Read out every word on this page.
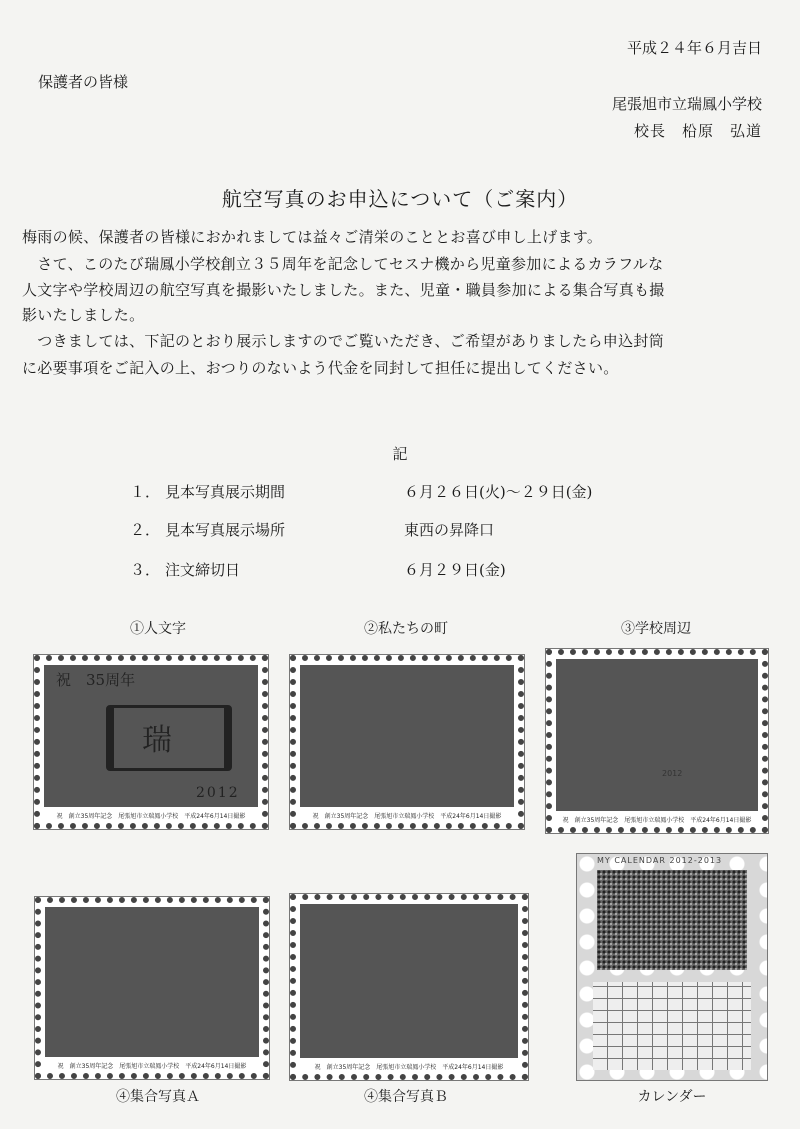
平成２４年６月吉日
保護者の皆様
尾張旭市立瑞鳳小学校
校長　柗原　弘道
航空写真のお申込について（ご案内）
梅雨の候、保護者の皆様におかれましては益々ご清栄のこととお喜び申し上げます。
　さて、このたび瑞鳳小学校創立３５周年を記念してセスナ機から児童参加によるカラフルな
人文字や学校周辺の航空写真を撮影いたしました。また、児童・職員参加による集合写真も撮
影いたしました。
　つきましては、下記のとおり展示しますのでご覧いただき、ご希望がありましたら申込封筒
に必要事項をご記入の上、おつりのないよう代金を同封して担任に提出してください。
記
１． 見本写真展示期間	６月２６日(火)～２９日(金)
２． 見本写真展示場所	東西の昇降口
３． 注文締切日	６月２９日(金)
①人文字	②私たちの町	③学校周辺
祝　35周年
瑞
2012
祝　創立35周年記念　尾張旭市立瑞鳳小学校　平成24年6月14日撮影	祝　創立35周年記念　尾張旭市立瑞鳳小学校　平成24年6月14日撮影
2012
祝　創立35周年記念　尾張旭市立瑞鳳小学校　平成24年6月14日撮影
祝　創立35周年記念　尾張旭市立瑞鳳小学校　平成24年6月14日撮影	祝　創立35周年記念　尾張旭市立瑞鳳小学校　平成24年6月14日撮影
MY CALENDAR 2012-2013
④集合写真Ａ	④集合写真Ｂ	カレンダー
